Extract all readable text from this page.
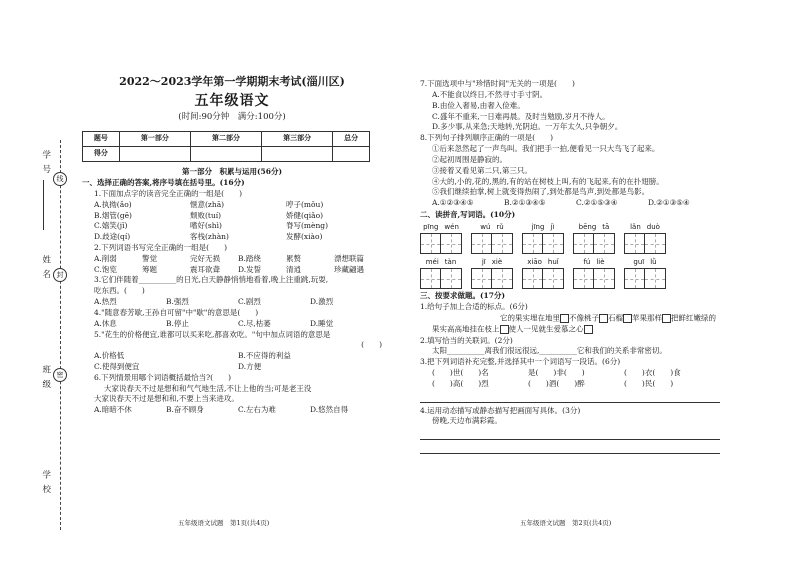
学号 线
姓名 封
班级 密
学校
2022～2023学年第一学期期末考试(淄川区)
五年级语文
(时间:90分钟　满分:100分)
题号	第一部分	第二部分	第三部分	总分
得分				
第一部分　积累与运用(56分)
一、选择正确的答案,将序号填在括号里。(16分)
1.下面加点字的读音完全正确的一组是(　　)
A.执拗(ǎo)	惬意(zhā)	哼子(mǒu)
B.烟管(gē)	颓败(tuí)	娇健(qiǎo)
C.嬉笑(jǐ)	嗜好(shì)	脊写(mèng)
D.歧途(qí)	客栈(zhàn)	发酵(xiào)
2.下列词语书写完全正确的一组是(　　)
A.削弱	警觉	完好无损	B.踏绕	累赘	漂想联篇
C.饱览	筹题	震耳欲聋	D.发誓	清逍	珍藏翩遇
3.它们伴随着__________的日光,白天静静悄悄地看着,晚上注重跳,玩耍,
吃东西。(　　)
A.热烈	B.强烈	C.剧烈	D.激烈
4."随意春芳歇,王孙自可留"中"歇"的意思是(　　)
A.休息	B.停止	C.尽,枯萎	D.睡觉
5."花生的价格便宜,谁都可以买来吃,都喜欢吃。"句中加点词语的意思是
(　　)
A.价格低	B.不应得的利益
C.使得到便宜	D.方便
6.下列情景用哪个词语概括最恰当?(　　)
大家说春天不过是想和和气气地生活,不让上他的当;可是老王没
大家说春天不过是想和和,不要上当来进攻。
A.暗暗不休	B.奋不顾身	C.左右为难	D.悠然自得
五年级语文试题　第1页(共4页)
7.下面选项中与"珍惜时间"无关的一项是(　　)
A.不能食以终日,不然寻寸手寸阴。
B.由俭入奢易,由奢入俭难。
C.盛年不重来,一日难再晨。及时当勉励,岁月不待人。
D.多少事,从来急;天地转,光阴迫。一万年太久,只争朝夕。
8.下列句子排列顺序正确的一项是(　　)
①后来忽然起了一声鸟叫。我们把手一拍,便看见一只大鸟飞了起来。
②起初周围是静寂的。
③接着又看见第二只,第三只。
④大的,小的,花的,黑的,有的站在树枝上叫,有的飞起来,有的在扑翅膀。
⑤我们继续拍掌,树上就变得热闹了,到处都是鸟声,到处都是鸟影。
A.①②③④⑤	B.②①③④⑤	C.②①⑤③④	D.②①③⑤④
二、读拼音,写词语。(10分)
pīng wén	wú rǔ	jīng jì	bēng tā	lǎn duò
méi tàn	jī xiè	xiāo huǐ	fú liè	guī lǜ
三、按要求做题。(17分)
1.给句子加上合适的标点。(6分)
它的果实埋在地里 不像桃子 石榴 苹果那样 把鲜红嫩绿的
果实高高地挂在枝上 使人一见就生爱慕之心
2.填写恰当的关联词。(2分)
太阳__________离我们很远很远,__________它和我们的关系非常密切。
3.把下列词语补充完整,并选择其中一个词语写一段话。(6分)
(　　)世(　　)名	是(　　)非(　　)	(　　)衣(　　)食
(　　)高(　　)烈	(　　)酒(　　)醉	(　　)民(　　)
4.运用动态描写或静态描写把画面写具体。(3分)
傍晚,天边布满彩霞。
五年级语文试题　第2页(共4页)
